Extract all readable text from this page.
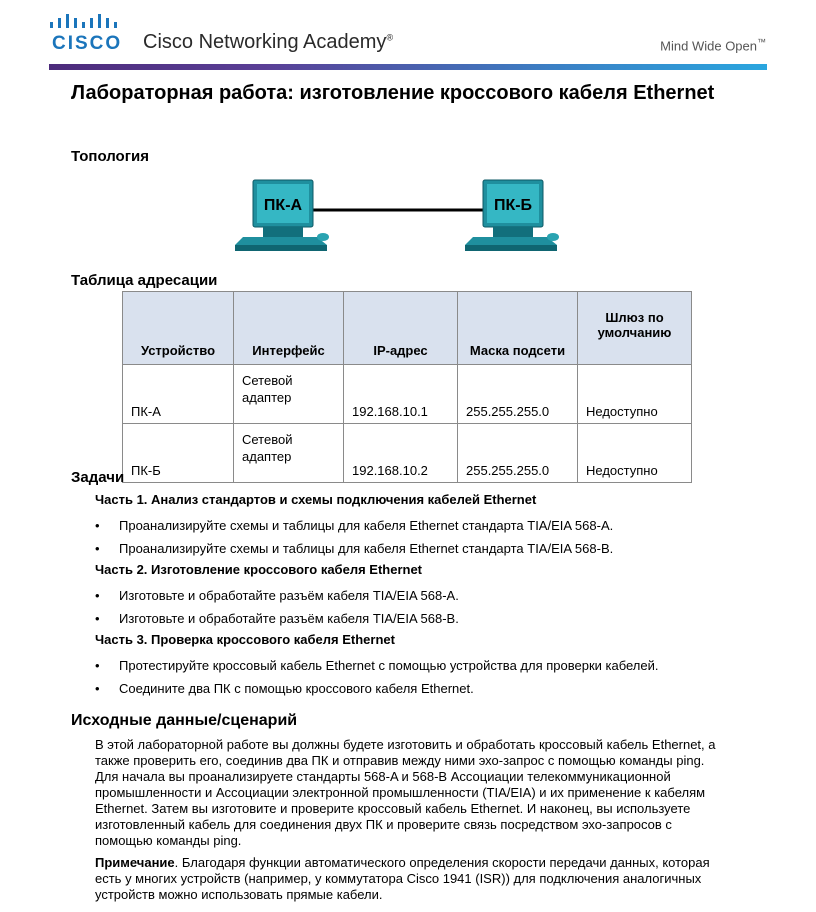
CISCO Cisco Networking Academy®
Mind Wide Open™
Лабораторная работа: изготовление кроссового кабеля Ethernet
Топология
ПК-A	ПК-Б
Таблица адресации
Устройство	Интерфейс	IP-адрес	Маска подсети	Шлюз по умолчанию
ПК-A	Сетевой адаптер	192.168.10.1	255.255.255.0	Недоступно
ПК-Б	Сетевой адаптер	192.168.10.2	255.255.255.0	Недоступно
Задачи
Часть 1. Анализ стандартов и схемы подключения кабелей Ethernet
• Проанализируйте схемы и таблицы для кабеля Ethernet стандарта TIA/EIA 568-A.
• Проанализируйте схемы и таблицы для кабеля Ethernet стандарта TIA/EIA 568-B.
Часть 2. Изготовление кроссового кабеля Ethernet
• Изготовьте и обработайте разъём кабеля TIA/EIA 568-A.
• Изготовьте и обработайте разъём кабеля TIA/EIA 568-B.
Часть 3. Проверка кроссового кабеля Ethernet
• Протестируйте кроссовый кабель Ethernet с помощью устройства для проверки кабелей.
• Соедините два ПК с помощью кроссового кабеля Ethernet.
Исходные данные/сценарий

В этой лабораторной работе вы должны будете изготовить и обработать кроссовый кабель Ethernet, а также проверить его, соединив два ПК и отправив между ними эхо-запрос с помощью команды ping. Для начала вы проанализируете стандарты 568-A и 568-B Ассоциации телекоммуникационной промышленности и Ассоциации электронной промышленности (TIA/EIA) и их применение к кабелям Ethernet. Затем вы изготовите и проверите кроссовый кабель Ethernet. И наконец, вы используете изготовленный кабель для соединения двух ПК и проверите связь посредством эхо-запросов с помощью команды ping.

Примечание. Благодаря функции автоматического определения скорости передачи данных, которая есть у многих устройств (например, у коммутатора Cisco 1941 (ISR)) для подключения аналогичных устройств можно использовать прямые кабели.
